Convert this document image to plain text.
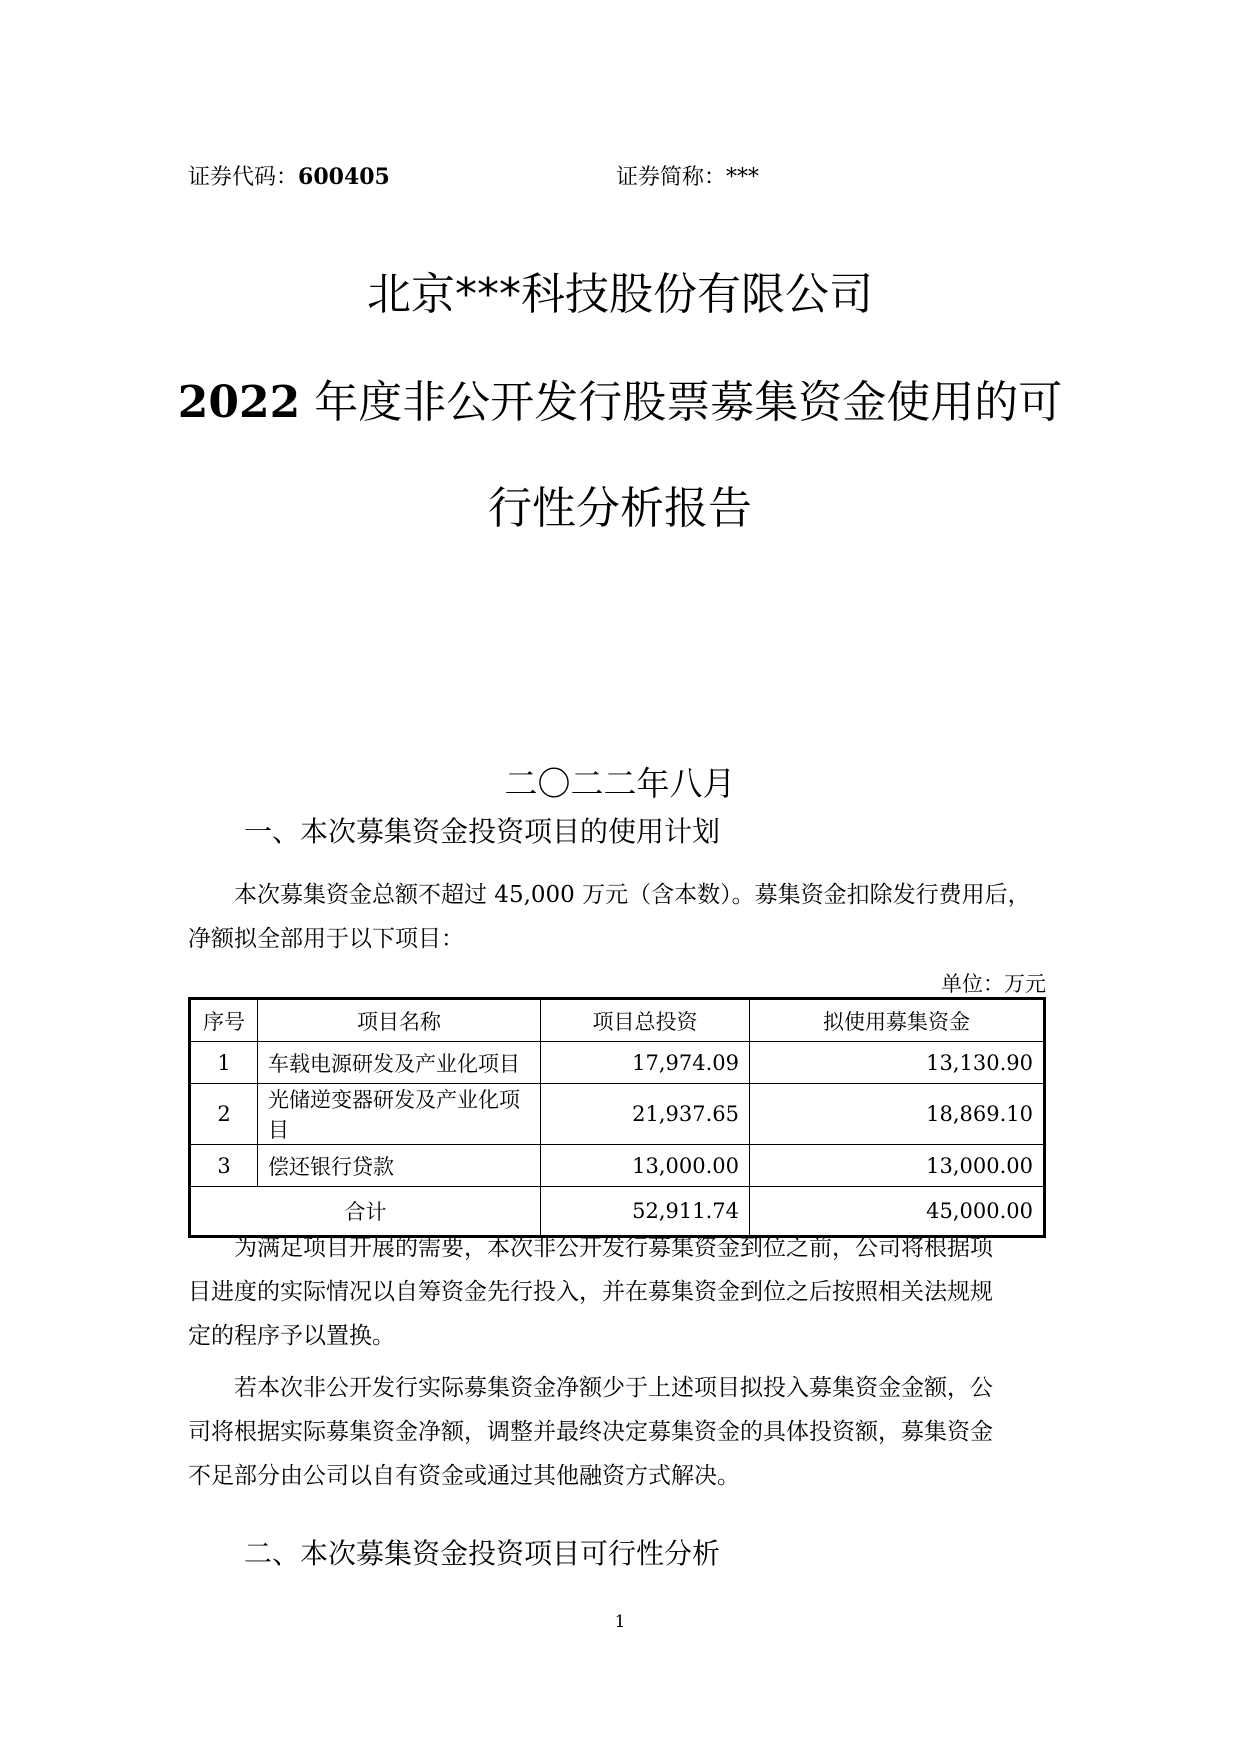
证券代码：600405	证券简称：***
北京***科技股份有限公司
2022 年度非公开发行股票募集资金使用的可
行性分析报告
二〇二二年八月
一、本次募集资金投资项目的使用计划

本次募集资金总额不超过 45,000 万元（含本数）。募集资金扣除发行费用后，

净额拟全部用于以下项目：

单位：万元
序号	项目名称	项目总投资	拟使用募集资金
1	车载电源研发及产业化项目	17,974.09	13,130.90
2	光储逆变器研发及产业化项目	21,937.65	18,869.10
3	偿还银行贷款	13,000.00	13,000.00
合计		52,911.74	45,000.00

为满足项目开展的需要，本次非公开发行募集资金到位之前，公司将根据项

目进度的实际情况以自筹资金先行投入，并在募集资金到位之后按照相关法规规

定的程序予以置换。

若本次非公开发行实际募集资金净额少于上述项目拟投入募集资金金额，公

司将根据实际募集资金净额，调整并最终决定募集资金的具体投资额，募集资金

不足部分由公司以自有资金或通过其他融资方式解决。

二、本次募集资金投资项目可行性分析
1
